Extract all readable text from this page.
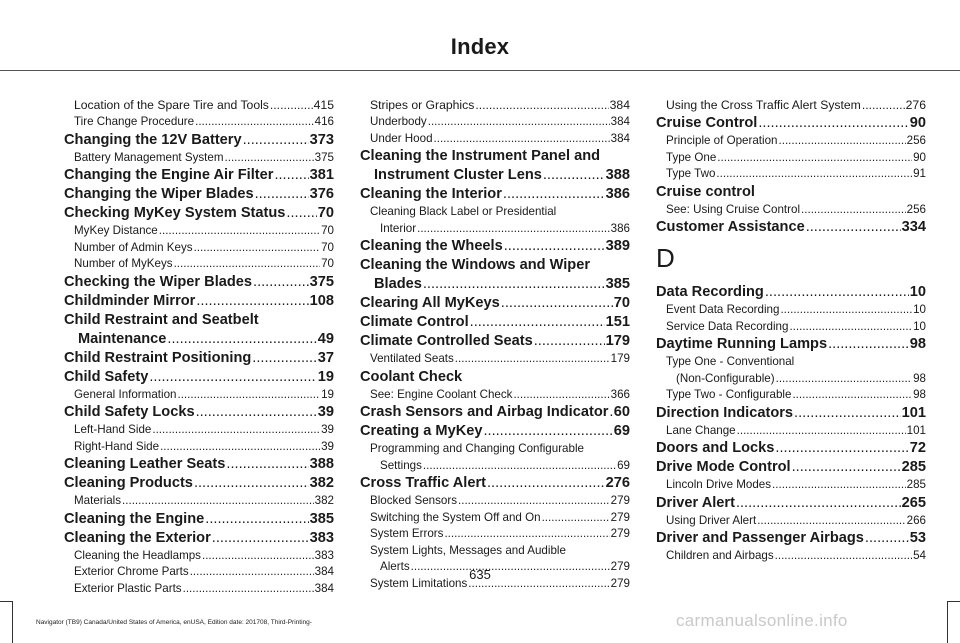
Index
Location of the Spare Tire and Tools .....	415
Tire Change Procedure .....	416
Changing the 12V Battery .....	373
Battery Management System .....	375
Changing the Engine Air Filter ..... 381
Changing the Wiper Blades .....	376
Checking MyKey System Status ..... 70
MyKey Distance .....	70
Number of Admin Keys .....	70
Number of MyKeys .....	70
Checking the Wiper Blades .....	375
Childminder Mirror .....	108
Child Restraint and Seatbelt
Maintenance .....	49
Child Restraint Positioning .....	37
Child Safety .....	19
General Information .....	19
Child Safety Locks .....	39
Left-Hand Side .....	39
Right-Hand Side .....	39
Cleaning Leather Seats .....	388
Cleaning Products .....	382
Materials .....	382
Cleaning the Engine .....	385
Cleaning the Exterior .....	383
Cleaning the Headlamps .....	383
Exterior Chrome Parts .....	384
Exterior Plastic Parts .....	384
Stripes or Graphics .....	384
Underbody .....	384
Under Hood .....	384
Cleaning the Instrument Panel and
Instrument Cluster Lens .....	388
Cleaning the Interior .....	386
Cleaning Black Label or Presidential
Interior .....	386
Cleaning the Wheels .....	389
Cleaning the Windows and Wiper
Blades .....	385
Clearing All MyKeys .....	70
Climate Control .....	151
Climate Controlled Seats .....	179
Ventilated Seats .....	179
Coolant Check
See: Engine Coolant Check .....	366
Crash Sensors and Airbag Indicator ..... 60
Creating a MyKey .....	69
Programming and Changing Configurable
Settings .....	69
Cross Traffic Alert .....	276
Blocked Sensors .....	279
Switching the System Off and On .....	279
System Errors .....	279
System Lights, Messages and Audible
Alerts .....	279
System Limitations .....	279
Using the Cross Traffic Alert System .....	276
Cruise Control .....	90
Principle of Operation .....	256
Type One .....	90
Type Two .....	91
Cruise control
See: Using Cruise Control .....	256
Customer Assistance .....	334
D
Data Recording .....	10
Event Data Recording .....	10
Service Data Recording .....	10
Daytime Running Lamps .....	98
Type One - Conventional
(Non-Configurable) .....	98
Type Two - Configurable .....	98
Direction Indicators .....	101
Lane Change .....	101
Doors and Locks .....	72
Drive Mode Control .....	285
Lincoln Drive Modes .....	285
Driver Alert .....	265
Using Driver Alert .....	266
Driver and Passenger Airbags .....	53
Children and Airbags .....	54
635
Navigator (TB9) Canada/United States of America, enUSA, Edition date: 201708, Third-Printing-	carmanualsonline.info
